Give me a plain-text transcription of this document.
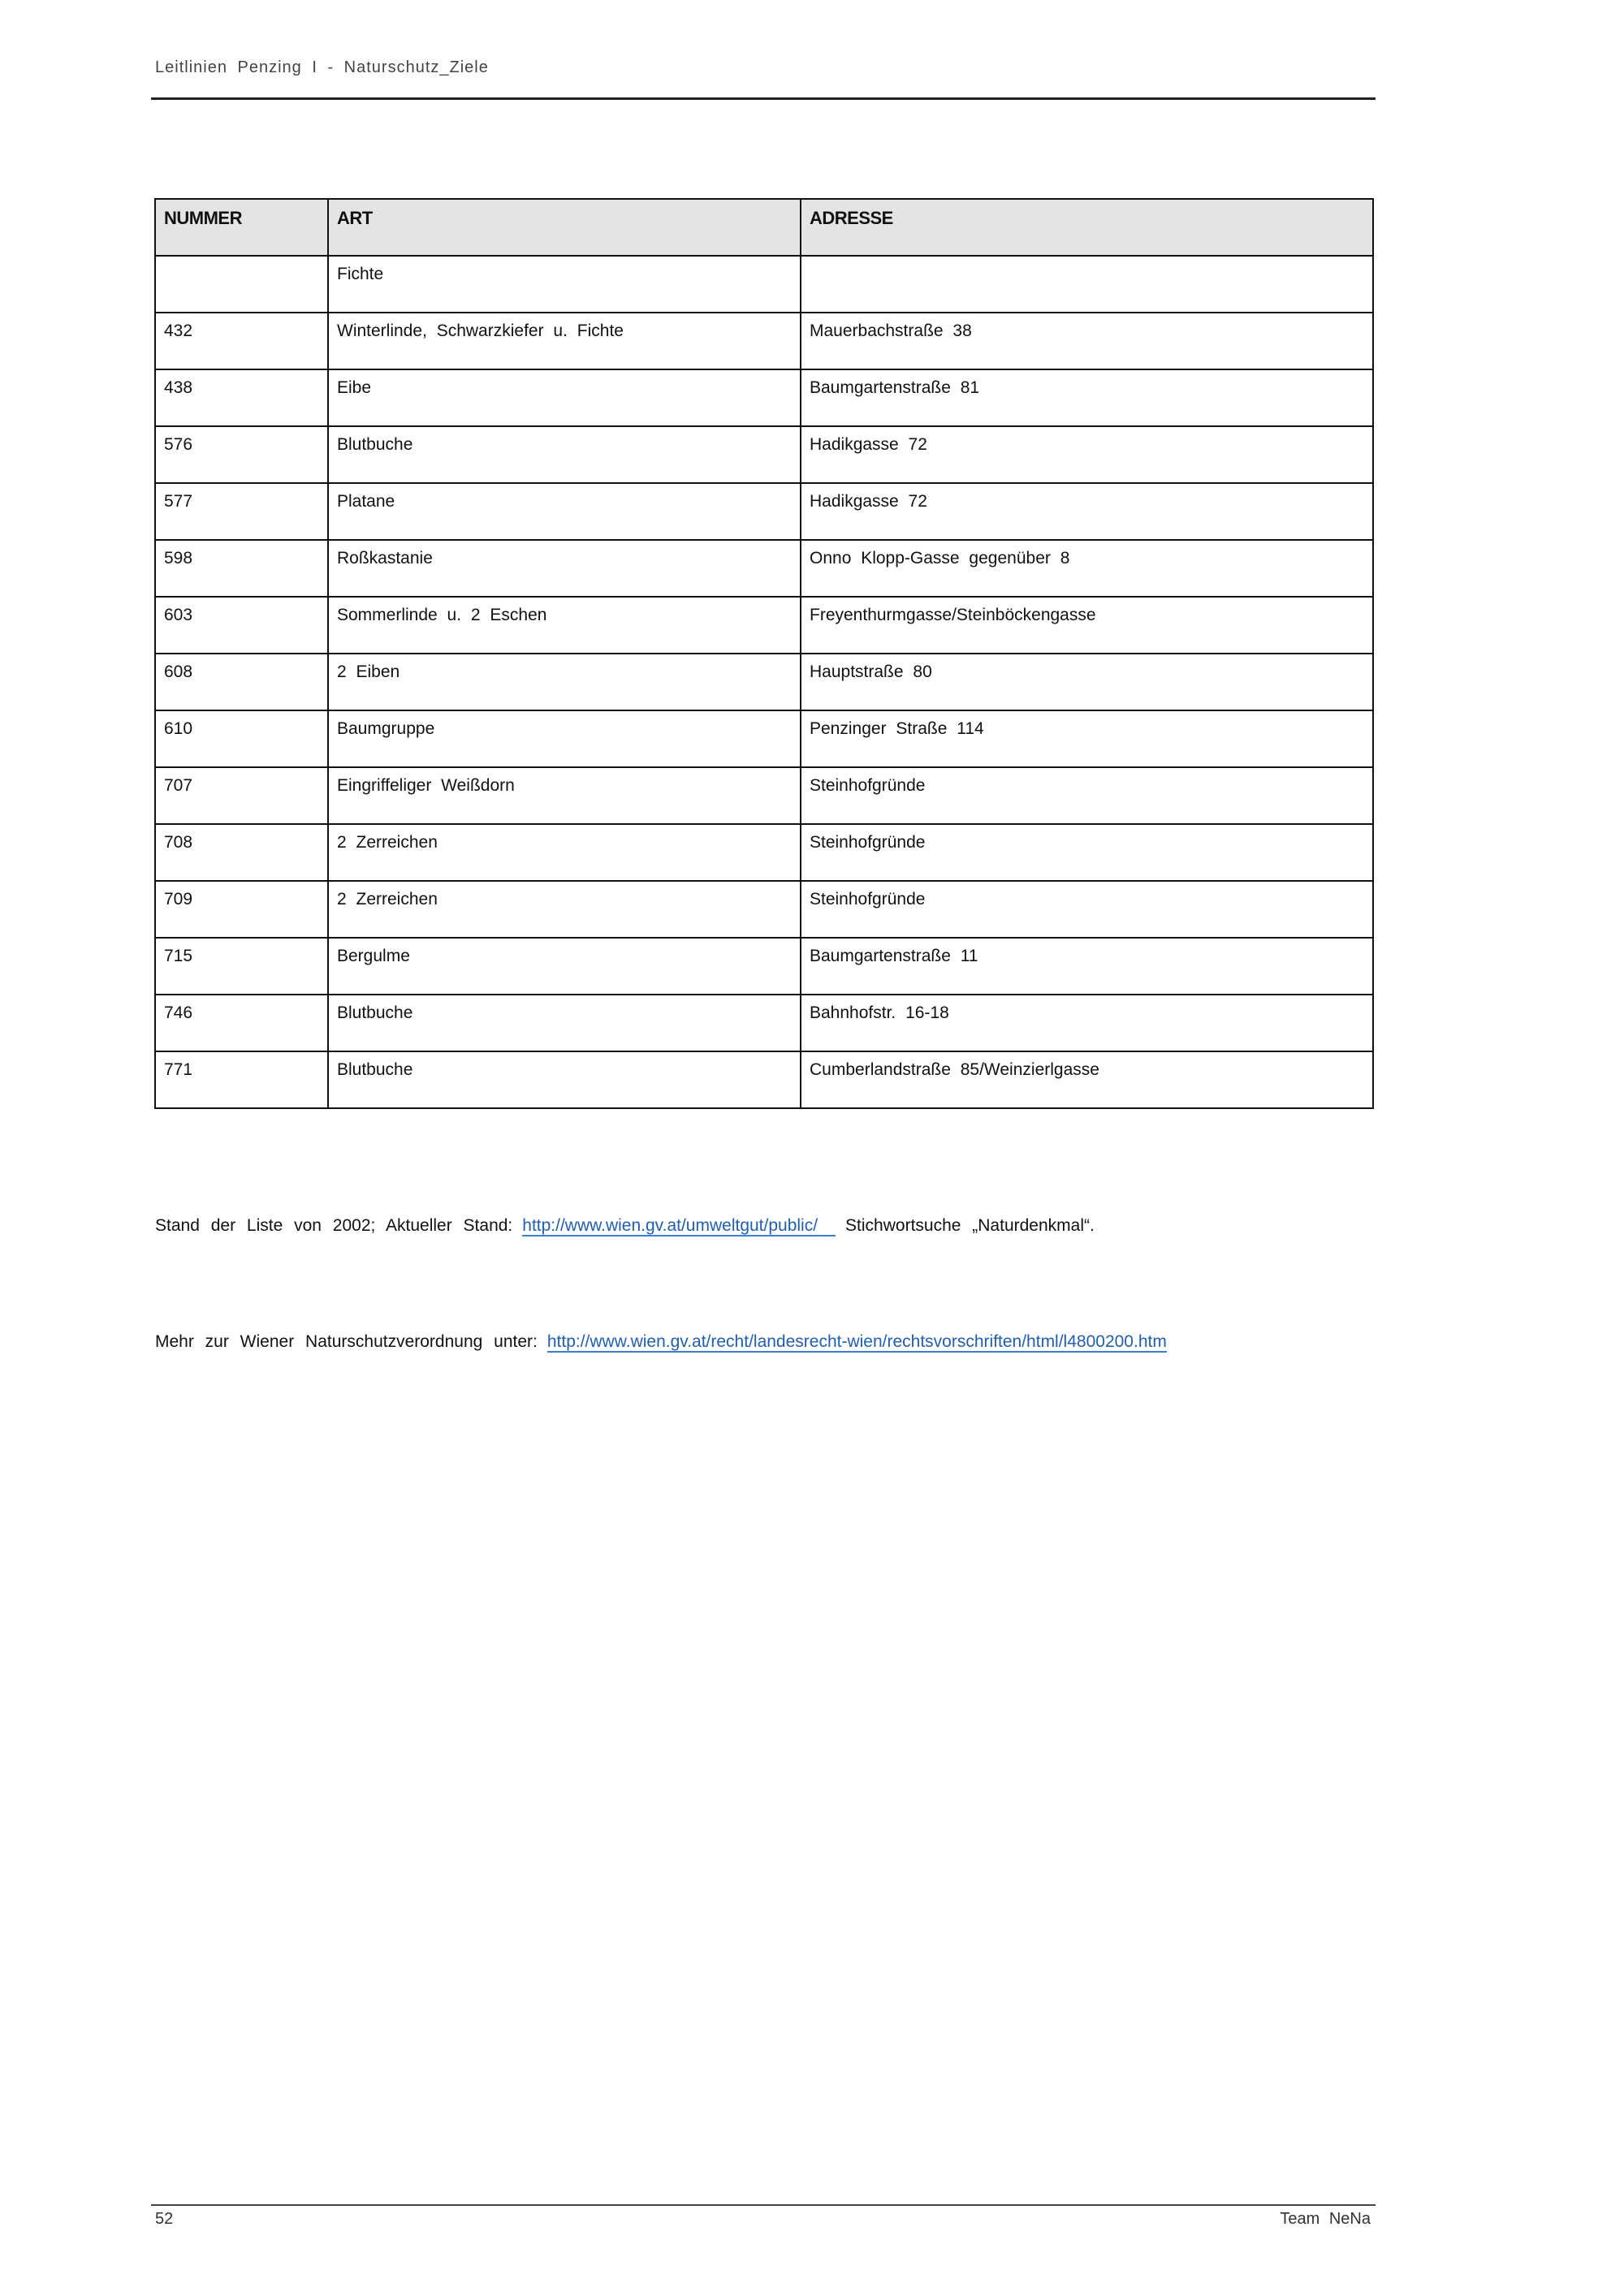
Leitlinien Penzing I - Naturschutz_Ziele
NUMMER	ART	ADRESSE
	Fichte	
432	Winterlinde, Schwarzkiefer u. Fichte	Mauerbachstraße 38
438	Eibe	Baumgartenstraße 81
576	Blutbuche	Hadikgasse 72
577	Platane	Hadikgasse 72
598	Roßkastanie	Onno Klopp-Gasse gegenüber 8
603	Sommerlinde u. 2 Eschen	Freyenthurmgasse/Steinböckengasse
608	2 Eiben	Hauptstraße 80
610	Baumgruppe	Penzinger Straße 114
707	Eingriffeliger Weißdorn	Steinhofgründe
708	2 Zerreichen	Steinhofgründe
709	2 Zerreichen	Steinhofgründe
715	Bergulme	Baumgartenstraße 11
746	Blutbuche	Bahnhofstr. 16-18
771	Blutbuche	Cumberlandstraße 85/Weinzierlgasse
Stand der Liste von 2002; Aktueller Stand: http://www.wien.gv.at/umweltgut/public/ Stichwortsuche „Naturdenkmal“.
Mehr zur Wiener Naturschutzverordnung unter: http://www.wien.gv.at/recht/landesrecht-wien/rechtsvorschriften/html/l4800200.htm
52	Team NeNa
